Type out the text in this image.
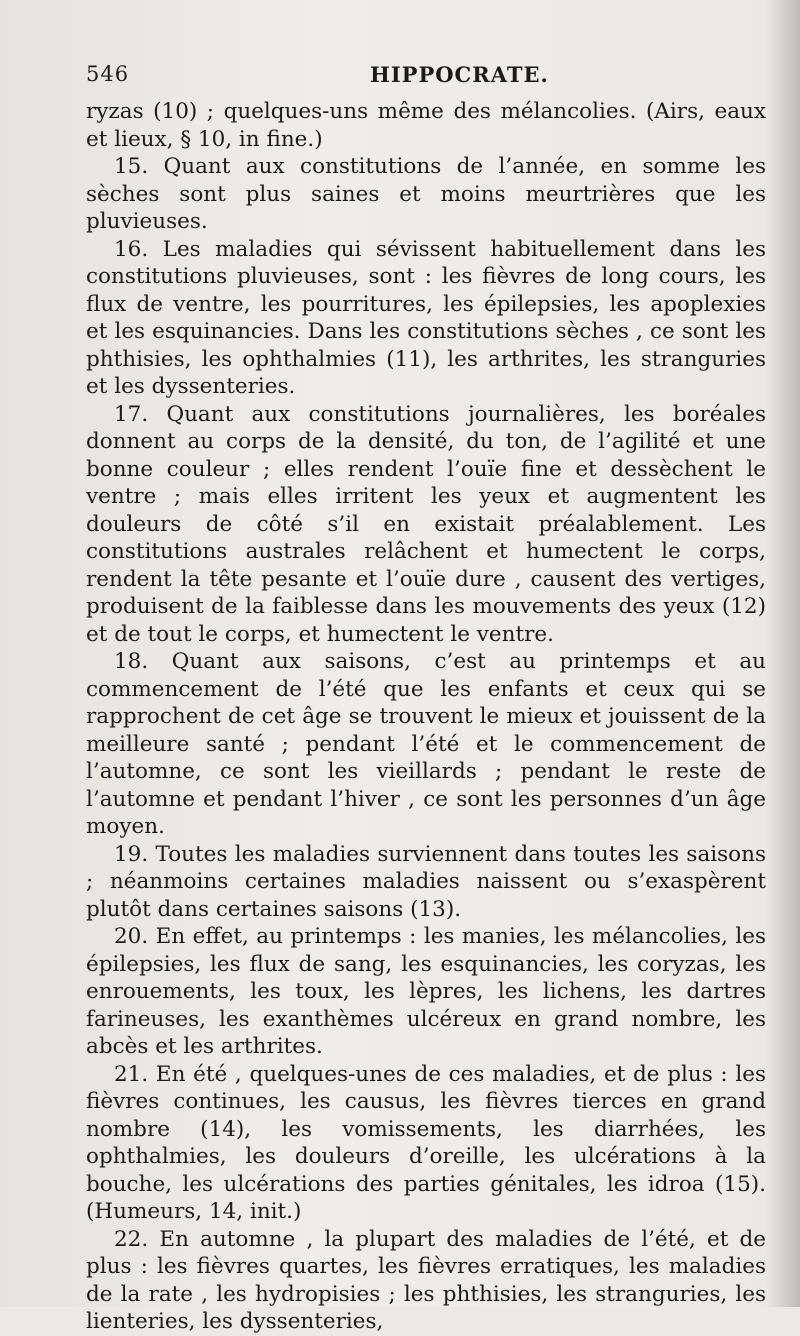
546	HIPPOCRATE.

ryzas (10) ; quelques-uns même des mélancolies. (Airs, eaux et lieux, § 10, in fine.)

15. Quant aux constitutions de l’année, en somme les sèches sont plus saines et moins meurtrières que les pluvieuses.

16. Les maladies qui sévissent habituellement dans les constitutions pluvieuses, sont : les fièvres de long cours, les flux de ventre, les pourritures, les épilepsies, les apoplexies et les esquinancies. Dans les constitutions sèches , ce sont les phthisies, les ophthalmies (11), les arthrites, les stranguries et les dyssenteries.

17. Quant aux constitutions journalières, les boréales donnent au corps de la densité, du ton, de l’agilité et une bonne couleur ; elles rendent l’ouïe fine et dessèchent le ventre ; mais elles irritent les yeux et augmentent les douleurs de côté s’il en existait préalablement. Les constitutions australes relâchent et humectent le corps, rendent la tête pesante et l’ouïe dure , causent des vertiges, produisent de la faiblesse dans les mouvements des yeux (12) et de tout le corps, et humectent le ventre.

18. Quant aux saisons, c’est au printemps et au commencement de l’été que les enfants et ceux qui se rapprochent de cet âge se trouvent le mieux et jouissent de la meilleure santé ; pendant l’été et le commencement de l’automne, ce sont les vieillards ; pendant le reste de l’automne et pendant l’hiver , ce sont les personnes d’un âge moyen.

19. Toutes les maladies surviennent dans toutes les saisons ; néanmoins certaines maladies naissent ou s’exaspèrent plutôt dans certaines saisons (13).

20. En effet, au printemps : les manies, les mélancolies, les épilepsies, les flux de sang, les esquinancies, les coryzas, les enrouements, les toux, les lèpres, les lichens, les dartres farineuses, les exanthèmes ulcéreux en grand nombre, les abcès et les arthrites.

21. En été , quelques-unes de ces maladies, et de plus : les fièvres continues, les causus, les fièvres tierces en grand nombre (14), les vomissements, les diarrhées, les ophthalmies, les douleurs d’oreille, les ulcérations à la bouche, les ulcérations des parties génitales, les idroa (15). (Humeurs, 14, init.)

22. En automne , la plupart des maladies de l’été, et de plus : les fièvres quartes, les fièvres erratiques, les maladies de la rate , les hydropisies ; les phthisies, les stranguries, les lienteries, les dyssenteries,
